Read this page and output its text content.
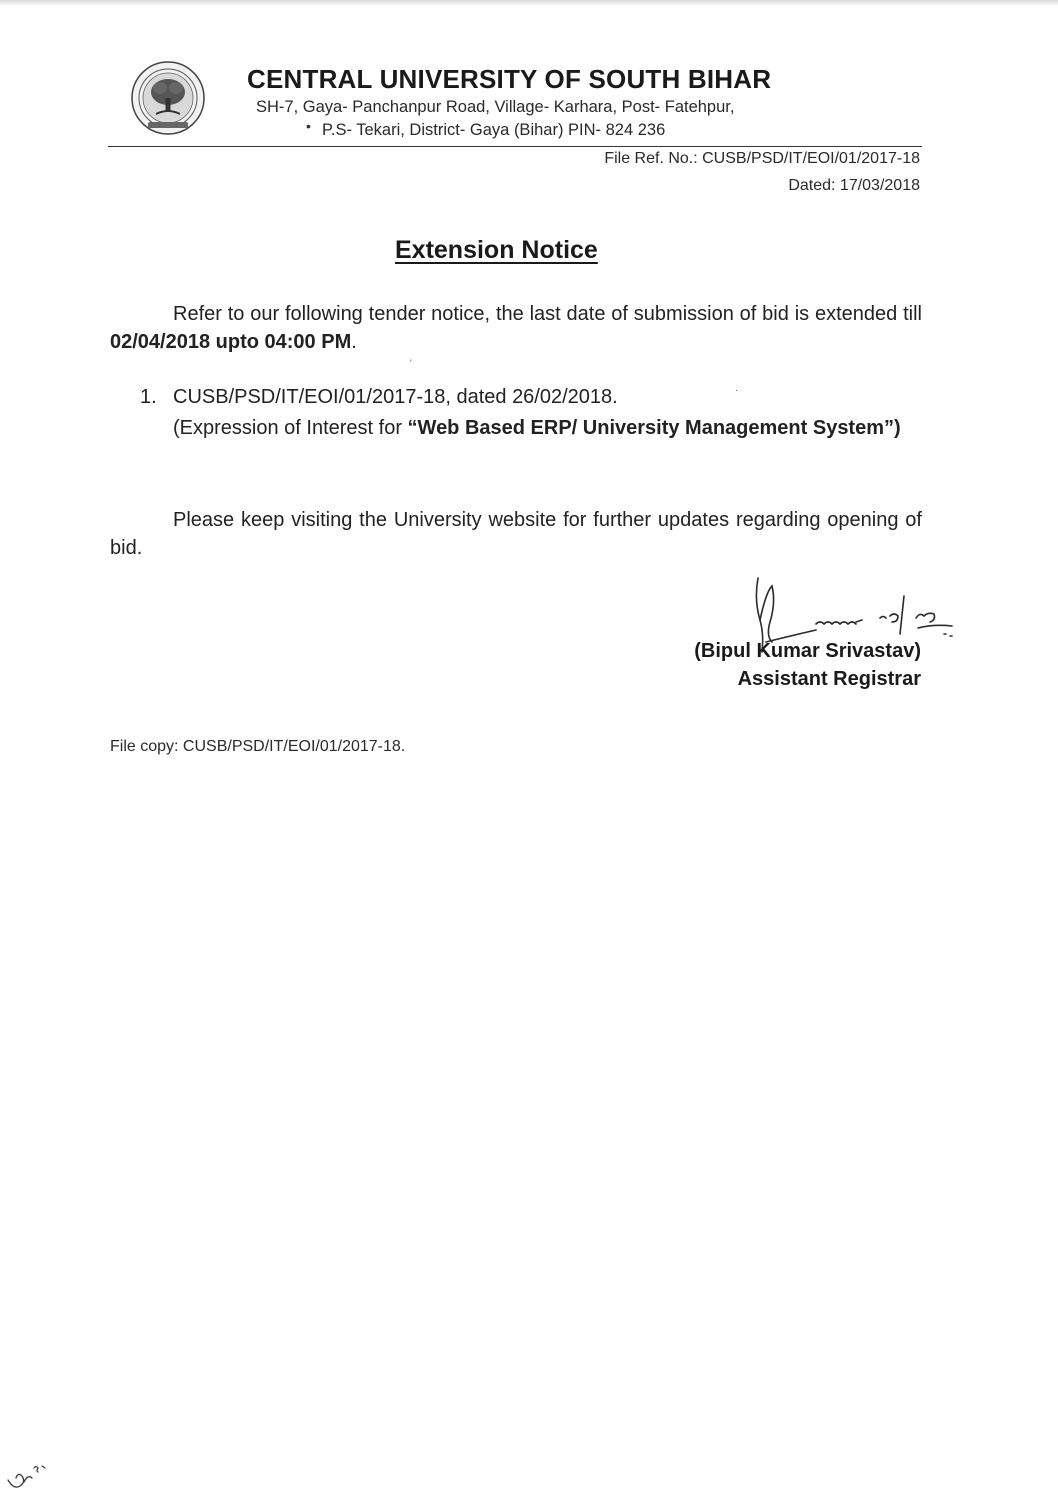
CENTRAL UNIVERSITY OF SOUTH BIHAR
SH-7, Gaya- Panchanpur Road, Village- Karhara, Post- Fatehpur,
• P.S- Tekari, District- Gaya (Bihar) PIN- 824 236
File Ref. No.: CUSB/PSD/IT/EOI/01/2017-18
Dated: 17/03/2018
Extension Notice
Refer to our following tender notice, the last date of submission of bid is extended till 02/04/2018 upto 04:00 PM.
'
1. CUSB/PSD/IT/EOI/01/2017-18, dated 26/02/2018.
(Expression of Interest for “Web Based ERP/ University Management System”)
·
Please keep visiting the University website for further updates regarding opening of bid.
(Bipul Kumar Srivastav)
Assistant Registrar
File copy: CUSB/PSD/IT/EOI/01/2017-18.
